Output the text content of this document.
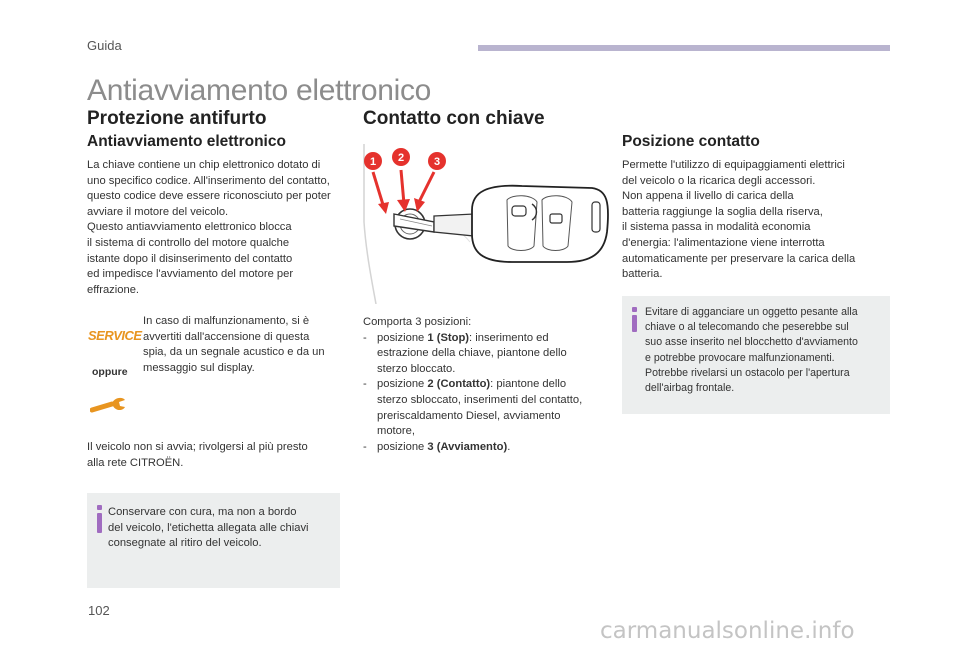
Guida
Antiavviamento elettronico
Protezione antifurto
Antiavviamento elettronico
La chiave contiene un chip elettronico dotato di
uno specifico codice. All'inserimento del contatto,
questo codice deve essere riconosciuto per poter
avviare il motore del veicolo.
Questo antiavviamento elettronico blocca
il sistema di controllo del motore qualche
istante dopo il disinserimento del contatto
ed impedisce l'avviamento del motore per
effrazione.
SERVICE
oppure
In caso di malfunzionamento, si è
avvertiti dall'accensione di questa
spia, da un segnale acustico e da un
messaggio sul display.
Il veicolo non si avvia; rivolgersi al più presto
alla rete CITROËN.
Conservare con cura, ma non a bordo
del veicolo, l'etichetta allegata alle chiavi
consegnate al ritiro del veicolo.
Contatto con chiave
1 2	3
Comporta 3 posizioni:
- posizione 1 (Stop): inserimento ed
estrazione della chiave, piantone dello
sterzo bloccato.
- posizione 2 (Contatto): piantone dello
sterzo sbloccato, inserimenti del contatto,
preriscaldamento Diesel, avviamento
motore,
- posizione 3 (Avviamento).
Posizione contatto
Permette l'utilizzo di equipaggiamenti elettrici
del veicolo o la ricarica degli accessori.
Non appena il livello di carica della
batteria raggiunge la soglia della riserva,
il sistema passa in modalità economia
d'energia: l'alimentazione viene interrotta
automaticamente per preservare la carica della
batteria.
Evitare di agganciare un oggetto pesante alla
chiave o al telecomando che peserebbe sul
suo asse inserito nel blocchetto d'avviamento
e potrebbe provocare malfunzionamenti.
Potrebbe rivelarsi un ostacolo per l'apertura
dell'airbag frontale.
102
carmanualsonline.info
